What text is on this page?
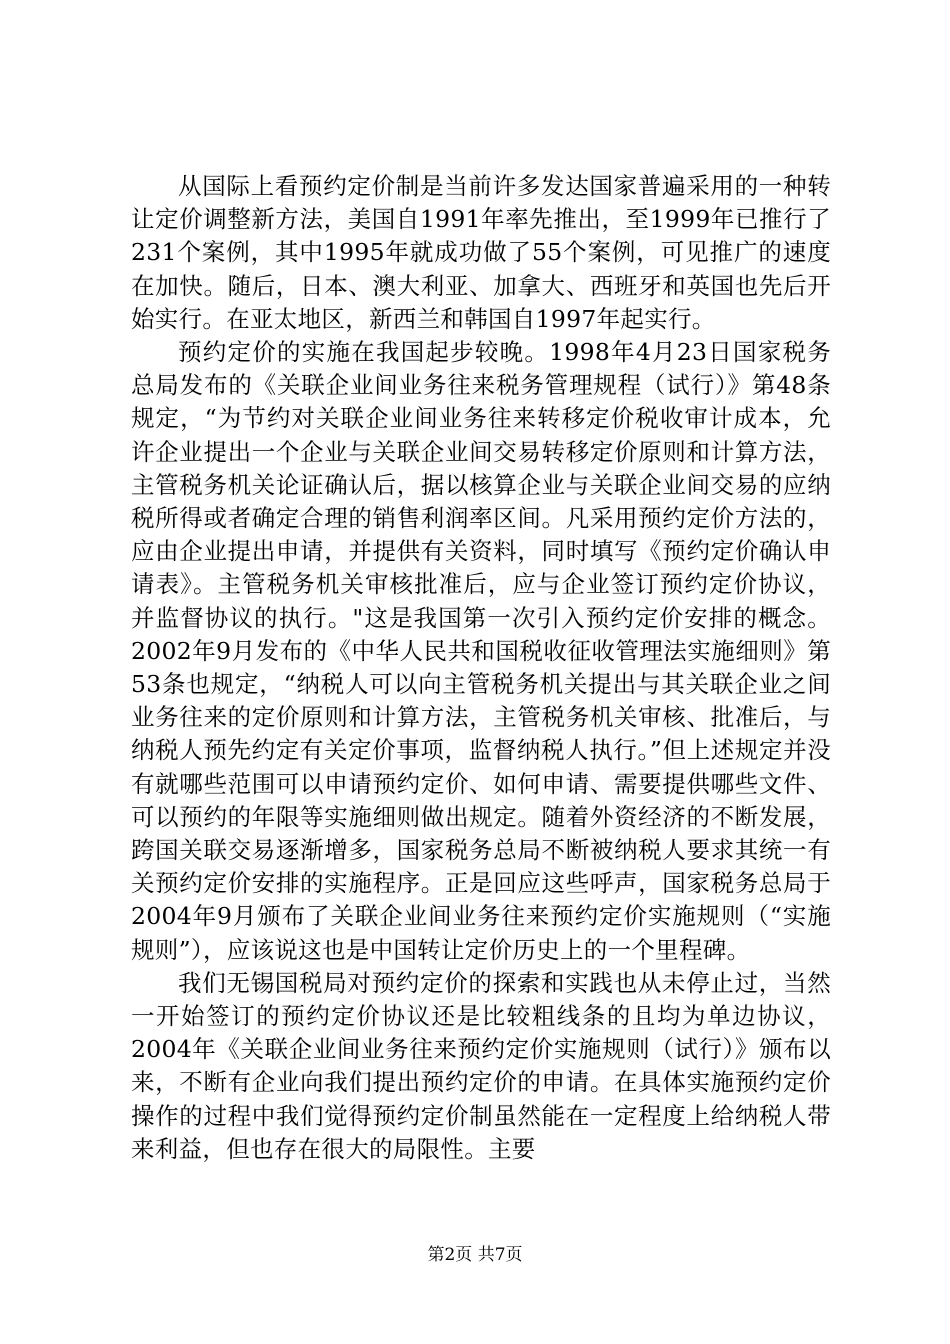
从国际上看预约定价制是当前许多发达国家普遍采用的一种转让定价调整新方法，美国自1991年率先推出，至1999年已推行了231个案例，其中1995年就成功做了55个案例，可见推广的速度在加快。随后，日本、澳大利亚、加拿大、西班牙和英国也先后开始实行。在亚太地区，新西兰和韩国自1997年起实行。

预约定价的实施在我国起步较晚。1998年4月23日国家税务总局发布的《关联企业间业务往来税务管理规程（试行）》第48条规定，“为节约对关联企业间业务往来转移定价税收审计成本，允许企业提出一个企业与关联企业间交易转移定价原则和计算方法，主管税务机关论证确认后，据以核算企业与关联企业间交易的应纳税所得或者确定合理的销售利润率区间。凡采用预约定价方法的，应由企业提出申请，并提供有关资料，同时填写《预约定价确认申请表》。主管税务机关审核批准后，应与企业签订预约定价协议，并监督协议的执行。"这是我国第一次引入预约定价安排的概念。2002年9月发布的《中华人民共和国税收征收管理法实施细则》第53条也规定，“纳税人可以向主管税务机关提出与其关联企业之间业务往来的定价原则和计算方法，主管税务机关审核、批准后，与纳税人预先约定有关定价事项，监督纳税人执行。”但上述规定并没有就哪些范围可以申请预约定价、如何申请、需要提供哪些文件、可以预约的年限等实施细则做出规定。随着外资经济的不断发展，跨国关联交易逐渐增多，国家税务总局不断被纳税人要求其统一有关预约定价安排的实施程序。正是回应这些呼声，国家税务总局于2004年9月颁布了关联企业间业务往来预约定价实施规则（“实施规则”），应该说这也是中国转让定价历史上的一个里程碑。

我们无锡国税局对预约定价的探索和实践也从未停止过，当然一开始签订的预约定价协议还是比较粗线条的且均为单边协议，2004年《关联企业间业务往来预约定价实施规则（试行）》颁布以来，不断有企业向我们提出预约定价的申请。在具体实施预约定价操作的过程中我们觉得预约定价制虽然能在一定程度上给纳税人带来利益，但也存在很大的局限性。主要

第2页 共7页
